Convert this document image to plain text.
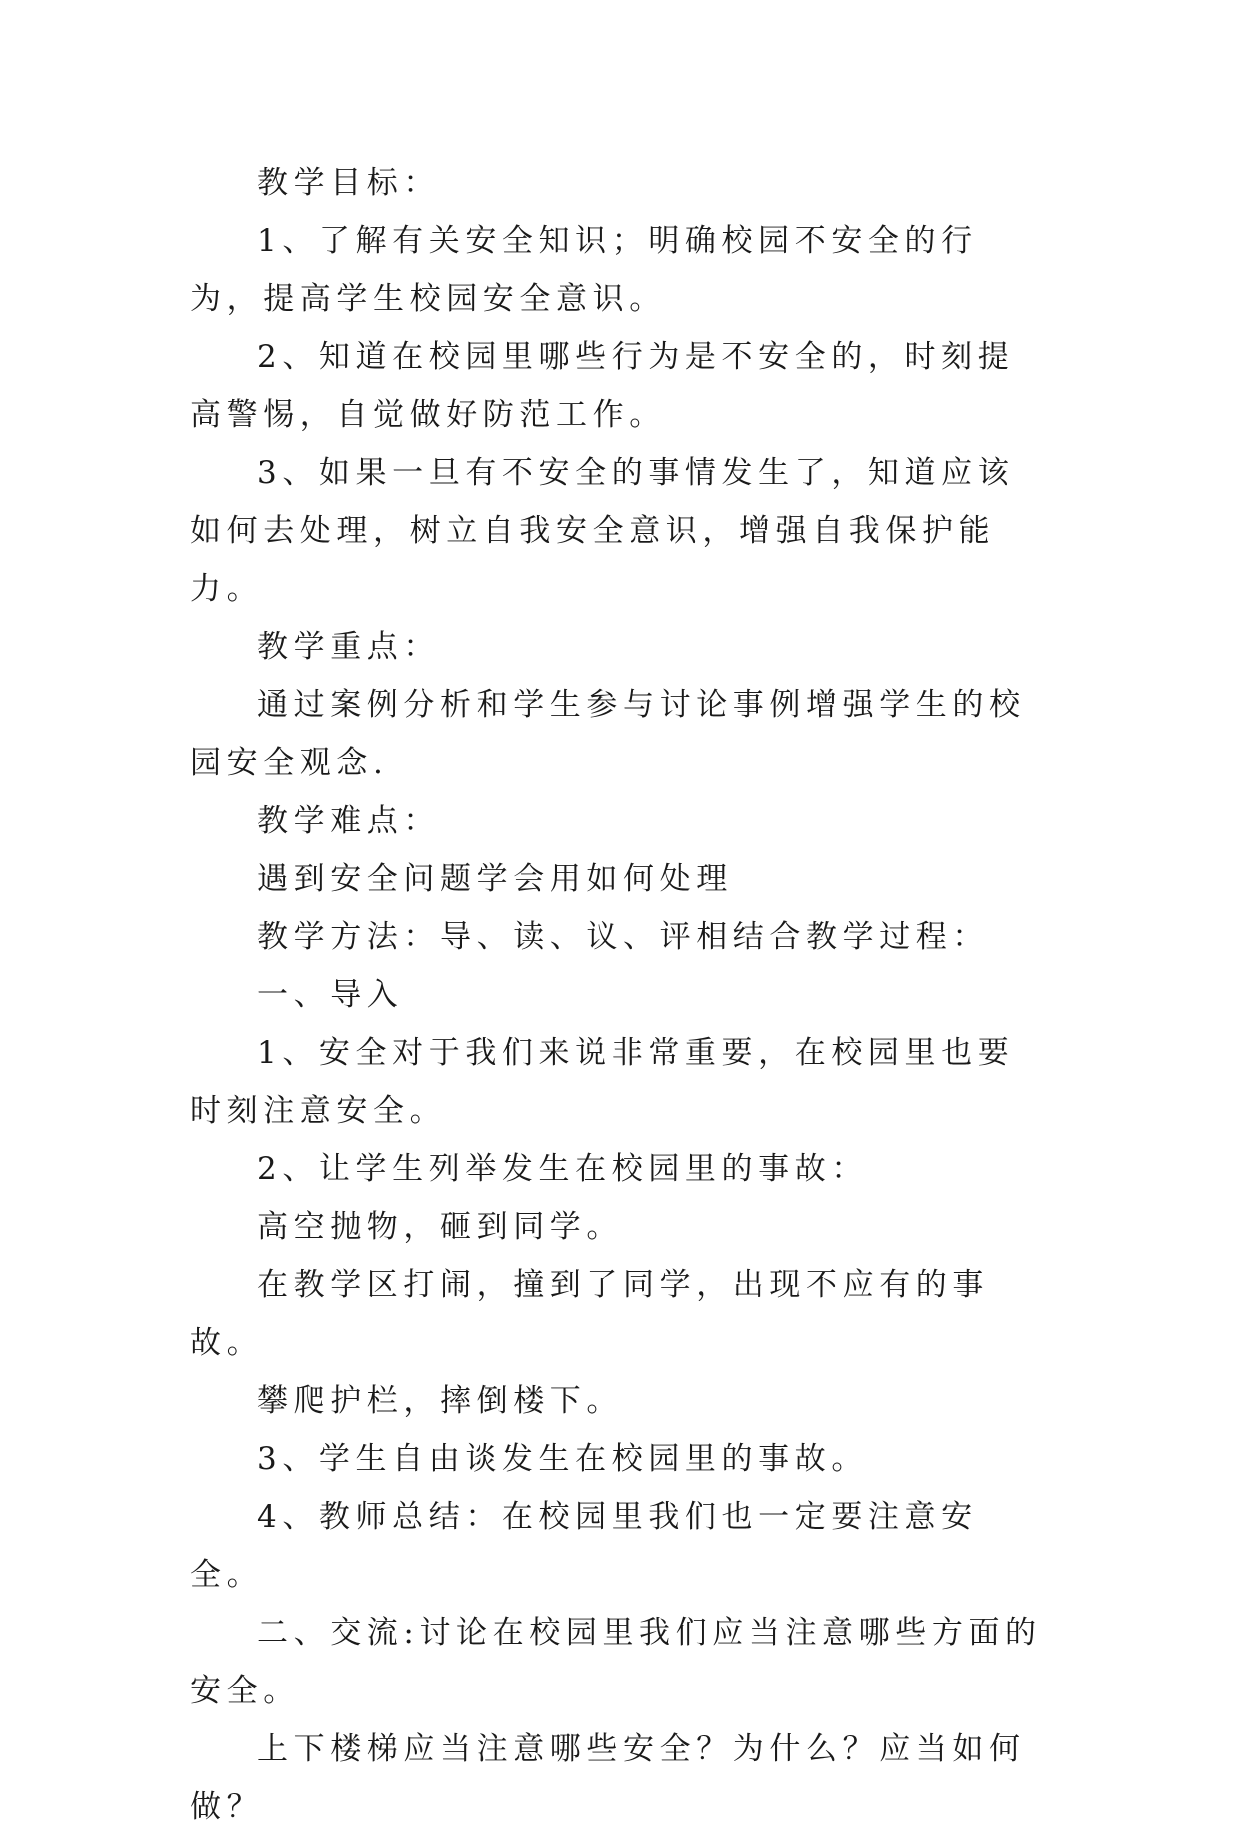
教学目标：

1、了解有关安全知识；明确校园不安全的行为，提高学生校园安全意识。

2、知道在校园里哪些行为是不安全的，时刻提高警惕，自觉做好防范工作。

3、如果一旦有不安全的事情发生了，知道应该如何去处理，树立自我安全意识，增强自我保护能力。

教学重点：

通过案例分析和学生参与讨论事例增强学生的校园安全观念.

教学难点：

遇到安全问题学会用如何处理

教学方法：导、读、议、评相结合教学过程：

一、导入

1、安全对于我们来说非常重要，在校园里也要时刻注意安全。

2、让学生列举发生在校园里的事故：

高空抛物，砸到同学。

在教学区打闹，撞到了同学，出现不应有的事故。

攀爬护栏，摔倒楼下。

3、学生自由谈发生在校园里的事故。

4、教师总结：在校园里我们也一定要注意安全。

二、交流:讨论在校园里我们应当注意哪些方面的安全。

上下楼梯应当注意哪些安全？为什么？应当如何做？
